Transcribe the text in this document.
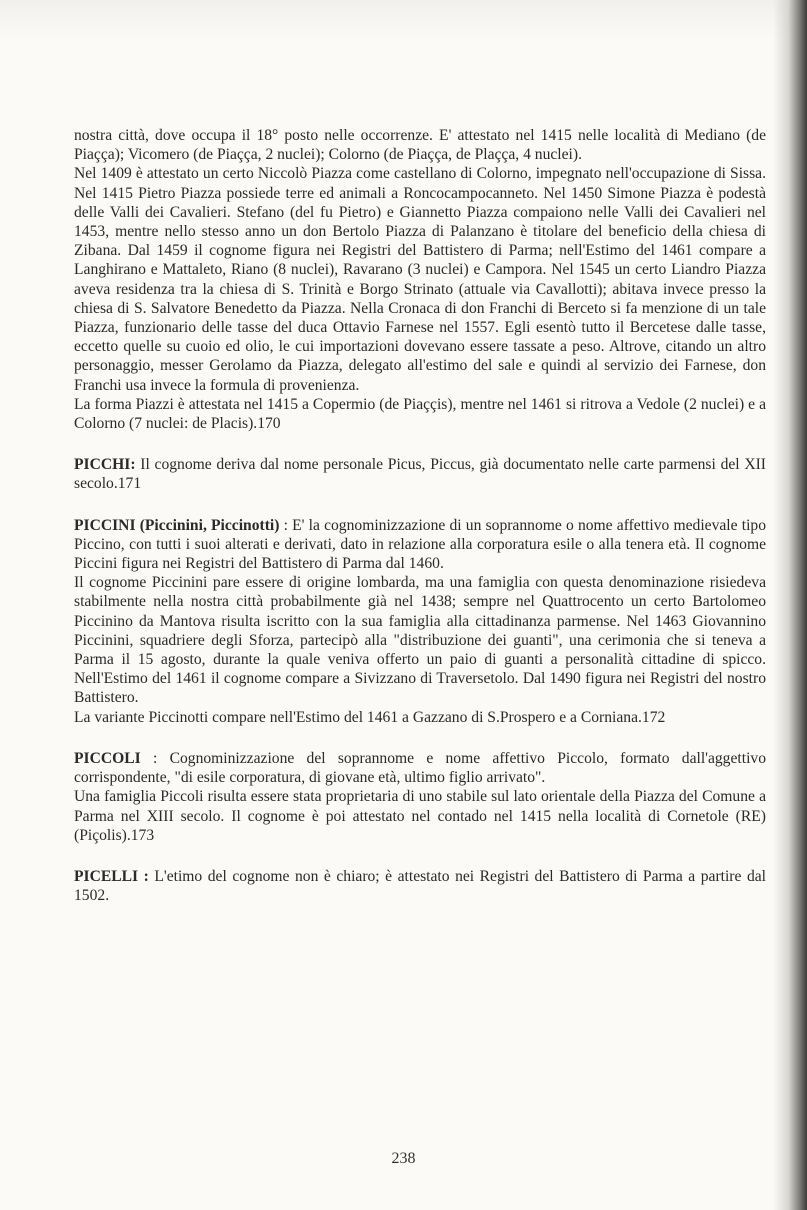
nostra città, dove occupa il 18° posto nelle occorrenze. E' attestato nel 1415 nelle località di Mediano (de Piaçça); Vicomero (de Piaçça, 2 nuclei); Colorno (de Piaçça, de Plaçça, 4 nuclei).

Nel 1409 è attestato un certo Niccolò Piazza come castellano di Colorno, impegnato nell'occupazione di Sissa. Nel 1415 Pietro Piazza possiede terre ed animali a Roncocampocanneto. Nel 1450 Simone Piazza è podestà delle Valli dei Cavalieri. Stefano (del fu Pietro) e Giannetto Piazza compaiono nelle Valli dei Cavalieri nel 1453, mentre nello stesso anno un don Bertolo Piazza di Palanzano è titolare del beneficio della chiesa di Zibana. Dal 1459 il cognome figura nei Registri del Battistero di Parma; nell'Estimo del 1461 compare a Langhirano e Mattaleto, Riano (8 nuclei), Ravarano (3 nuclei) e Campora. Nel 1545 un certo Liandro Piazza aveva residenza tra la chiesa di S. Trinità e Borgo Strinato (attuale via Cavallotti); abitava invece presso la chiesa di S. Salvatore Benedetto da Piazza. Nella Cronaca di don Franchi di Berceto si fa menzione di un tale Piazza, funzionario delle tasse del duca Ottavio Farnese nel 1557. Egli esentò tutto il Bercetese dalle tasse, eccetto quelle su cuoio ed olio, le cui importazioni dovevano essere tassate a peso. Altrove, citando un altro personaggio, messer Gerolamo da Piazza, delegato all'estimo del sale e quindi al servizio dei Farnese, don Franchi usa invece la formula di provenienza.

La forma Piazzi è attestata nel 1415 a Copermio (de Piaççis), mentre nel 1461 si ritrova a Vedole (2 nuclei) e a Colorno (7 nuclei: de Placis).170

PICCHI: Il cognome deriva dal nome personale Picus, Piccus, già documentato nelle carte parmensi del XII secolo.171

PICCINI (Piccinini, Piccinotti) : E' la cognominizzazione di un soprannome o nome affettivo medievale tipo Piccino, con tutti i suoi alterati e derivati, dato in relazione alla corporatura esile o alla tenera età. Il cognome Piccini figura nei Registri del Battistero di Parma dal 1460.

Il cognome Piccinini pare essere di origine lombarda, ma una famiglia con questa denominazione risiedeva stabilmente nella nostra città probabilmente già nel 1438; sempre nel Quattrocento un certo Bartolomeo Piccinino da Mantova risulta iscritto con la sua famiglia alla cittadinanza parmense. Nel 1463 Giovannino Piccinini, squadriere degli Sforza, partecipò alla "distribuzione dei guanti", una cerimonia che si teneva a Parma il 15 agosto, durante la quale veniva offerto un paio di guanti a personalità cittadine di spicco. Nell'Estimo del 1461 il cognome compare a Sivizzano di Traversetolo. Dal 1490 figura nei Registri del nostro Battistero.

La variante Piccinotti compare nell'Estimo del 1461 a Gazzano di S.Prospero e a Corniana.172

PICCOLI : Cognominizzazione del soprannome e nome affettivo Piccolo, formato dall'aggettivo corrispondente, "di esile corporatura, di giovane età, ultimo figlio arrivato".

Una famiglia Piccoli risulta essere stata proprietaria di uno stabile sul lato orientale della Piazza del Comune a Parma nel XIII secolo. Il cognome è poi attestato nel contado nel 1415 nella località di Cornetole (RE) (Piçolis).173

PICELLI : L'etimo del cognome non è chiaro; è attestato nei Registri del Battistero di Parma a partire dal 1502.

238
